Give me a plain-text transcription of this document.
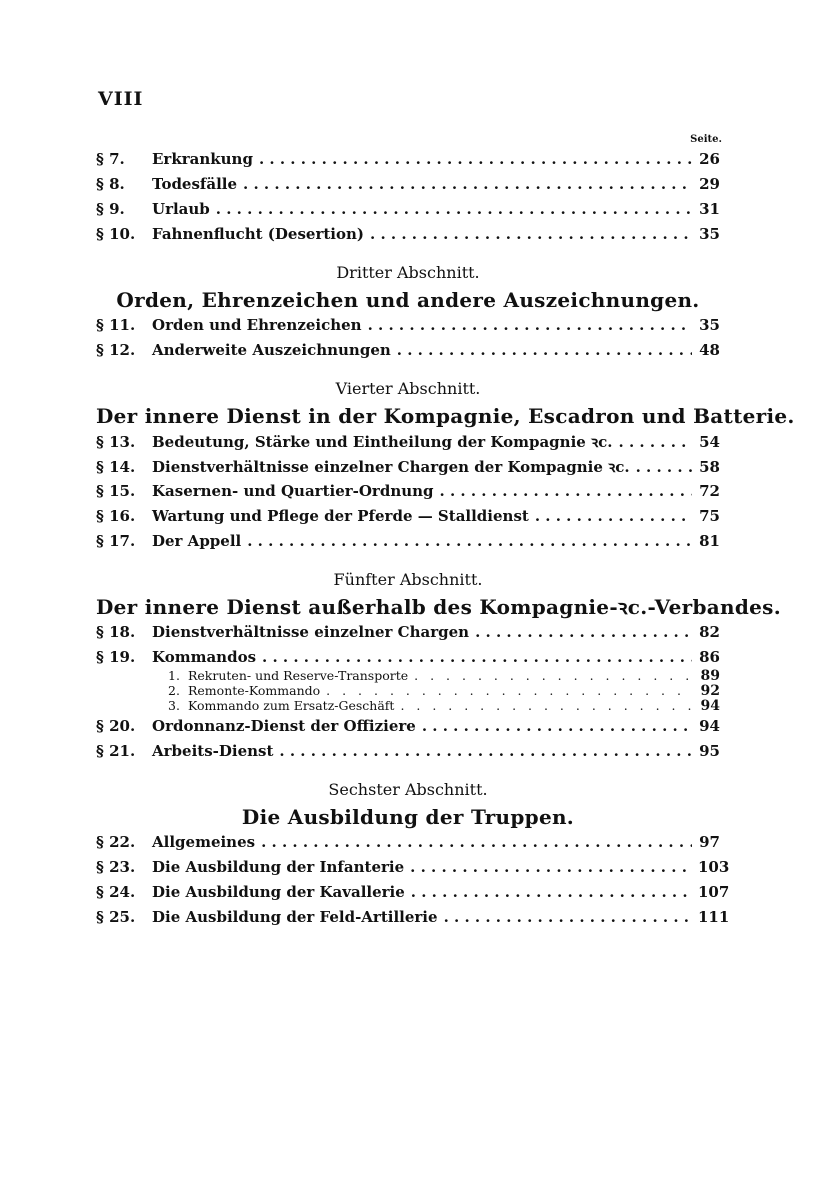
VIII
Seite.
§ 7.	Erkrankung . . .	26
§ 8.	Todesfälle . . .	29
§ 9.	Urlaub . . .	31
§ 10.	Fahnenflucht (Desertion) . . .	35
Dritter Abschnitt.
Orden, Ehrenzeichen und andere Auszeichnungen.
§ 11.	Orden und Ehrenzeichen . . .	35
§ 12.	Anderweite Auszeichnungen . . .	48
Vierter Abschnitt.
Der innere Dienst in der Kompagnie, Escadron und Batterie.
§ 13.	Bedeutung, Stärke und Eintheilung der Kompagnie ꝛc. . . .	54
§ 14.	Dienstverhältnisse einzelner Chargen der Kompagnie ꝛc. . . .	58
§ 15.	Kasernen- und Quartier-Ordnung . . .	72
§ 16.	Wartung und Pflege der Pferde — Stalldienst . . .	75
§ 17.	Der Appell . . .	81
Fünfter Abschnitt.
Der innere Dienst außerhalb des Kompagnie-ꝛc.-Verbandes.
§ 18.	Dienstverhältnisse einzelner Chargen . . .	82
§ 19.	Kommandos . . .	86
1. Rekruten- und Reserve-Transporte . . .	89
2. Remonte-Kommando . . .	92
3. Kommando zum Ersatz-Geschäft . . .	94
§ 20.	Ordonnanz-Dienst der Offiziere . . .	94
§ 21.	Arbeits-Dienst . . .	95
Sechster Abschnitt.
Die Ausbildung der Truppen.
§ 22.	Allgemeines . . .	97
§ 23.	Die Ausbildung der Infanterie . . .	103
§ 24.	Die Ausbildung der Kavallerie . . .	107
§ 25.	Die Ausbildung der Feld-Artillerie . . .	111
